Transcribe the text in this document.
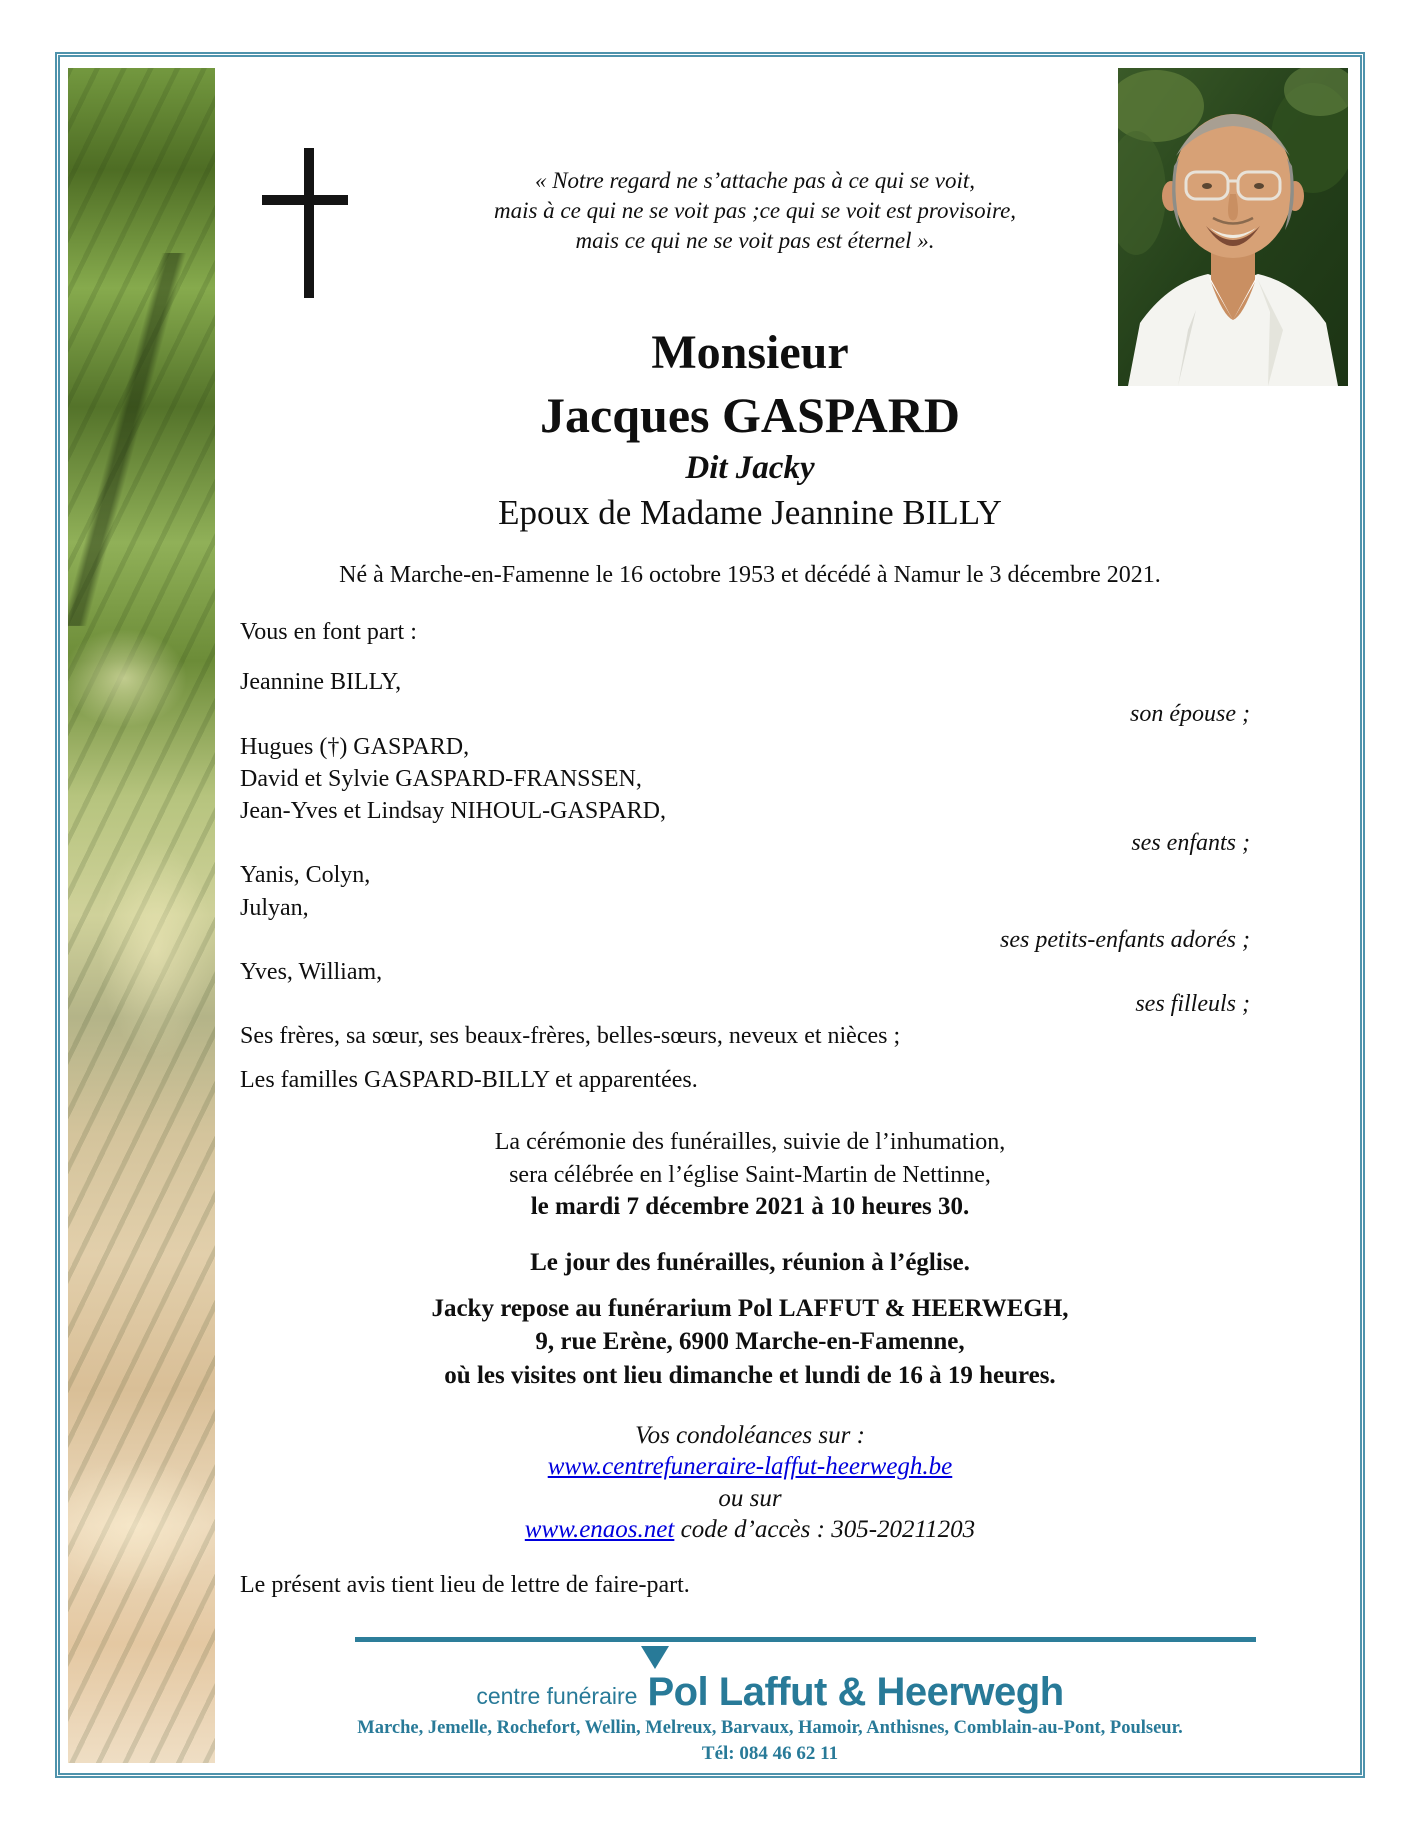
« Notre regard ne s’attache pas à ce qui se voit,
mais à ce qui ne se voit pas ;ce qui se voit est provisoire,
mais ce qui ne se voit pas est éternel ».
Monsieur
Jacques GASPARD
Dit Jacky
Epoux de Madame Jeannine BILLY
Né à Marche-en-Famenne le 16 octobre 1953 et décédé à Namur le 3 décembre 2021.

Vous en font part :

Jeannine BILLY,

son épouse ;

Hugues (†) GASPARD,

David et Sylvie GASPARD-FRANSSEN,

Jean-Yves et Lindsay NIHOUL-GASPARD,

ses enfants ;

Yanis, Colyn,

Julyan,

ses petits-enfants adorés ;

Yves, William,

ses filleuls ;

Ses frères, sa sœur, ses beaux-frères, belles-sœurs, neveux et nièces ;

Les familles GASPARD-BILLY et apparentées.

La cérémonie des funérailles, suivie de l’inhumation,
sera célébrée en l’église Saint-Martin de Nettinne,
le mardi 7 décembre 2021 à 10 heures 30.
Le jour des funérailles, réunion à l’église.
Jacky repose au funérarium Pol LAFFUT & HEERWEGH,
9, rue Erène, 6900 Marche-en-Famenne,
où les visites ont lieu dimanche et lundi de 16 à 19 heures.
Vos condoléances sur :
www.centrefuneraire-laffut-heerwegh.be
ou sur
www.enaos.net code d’accès : 305-20211203
Le présent avis tient lieu de lettre de faire-part.
centre funéraire Pol Laffut & Heerwegh
Marche, Jemelle, Rochefort, Wellin, Melreux, Barvaux, Hamoir, Anthisnes, Comblain-au-Pont, Poulseur.
Tél: 084 46 62 11
